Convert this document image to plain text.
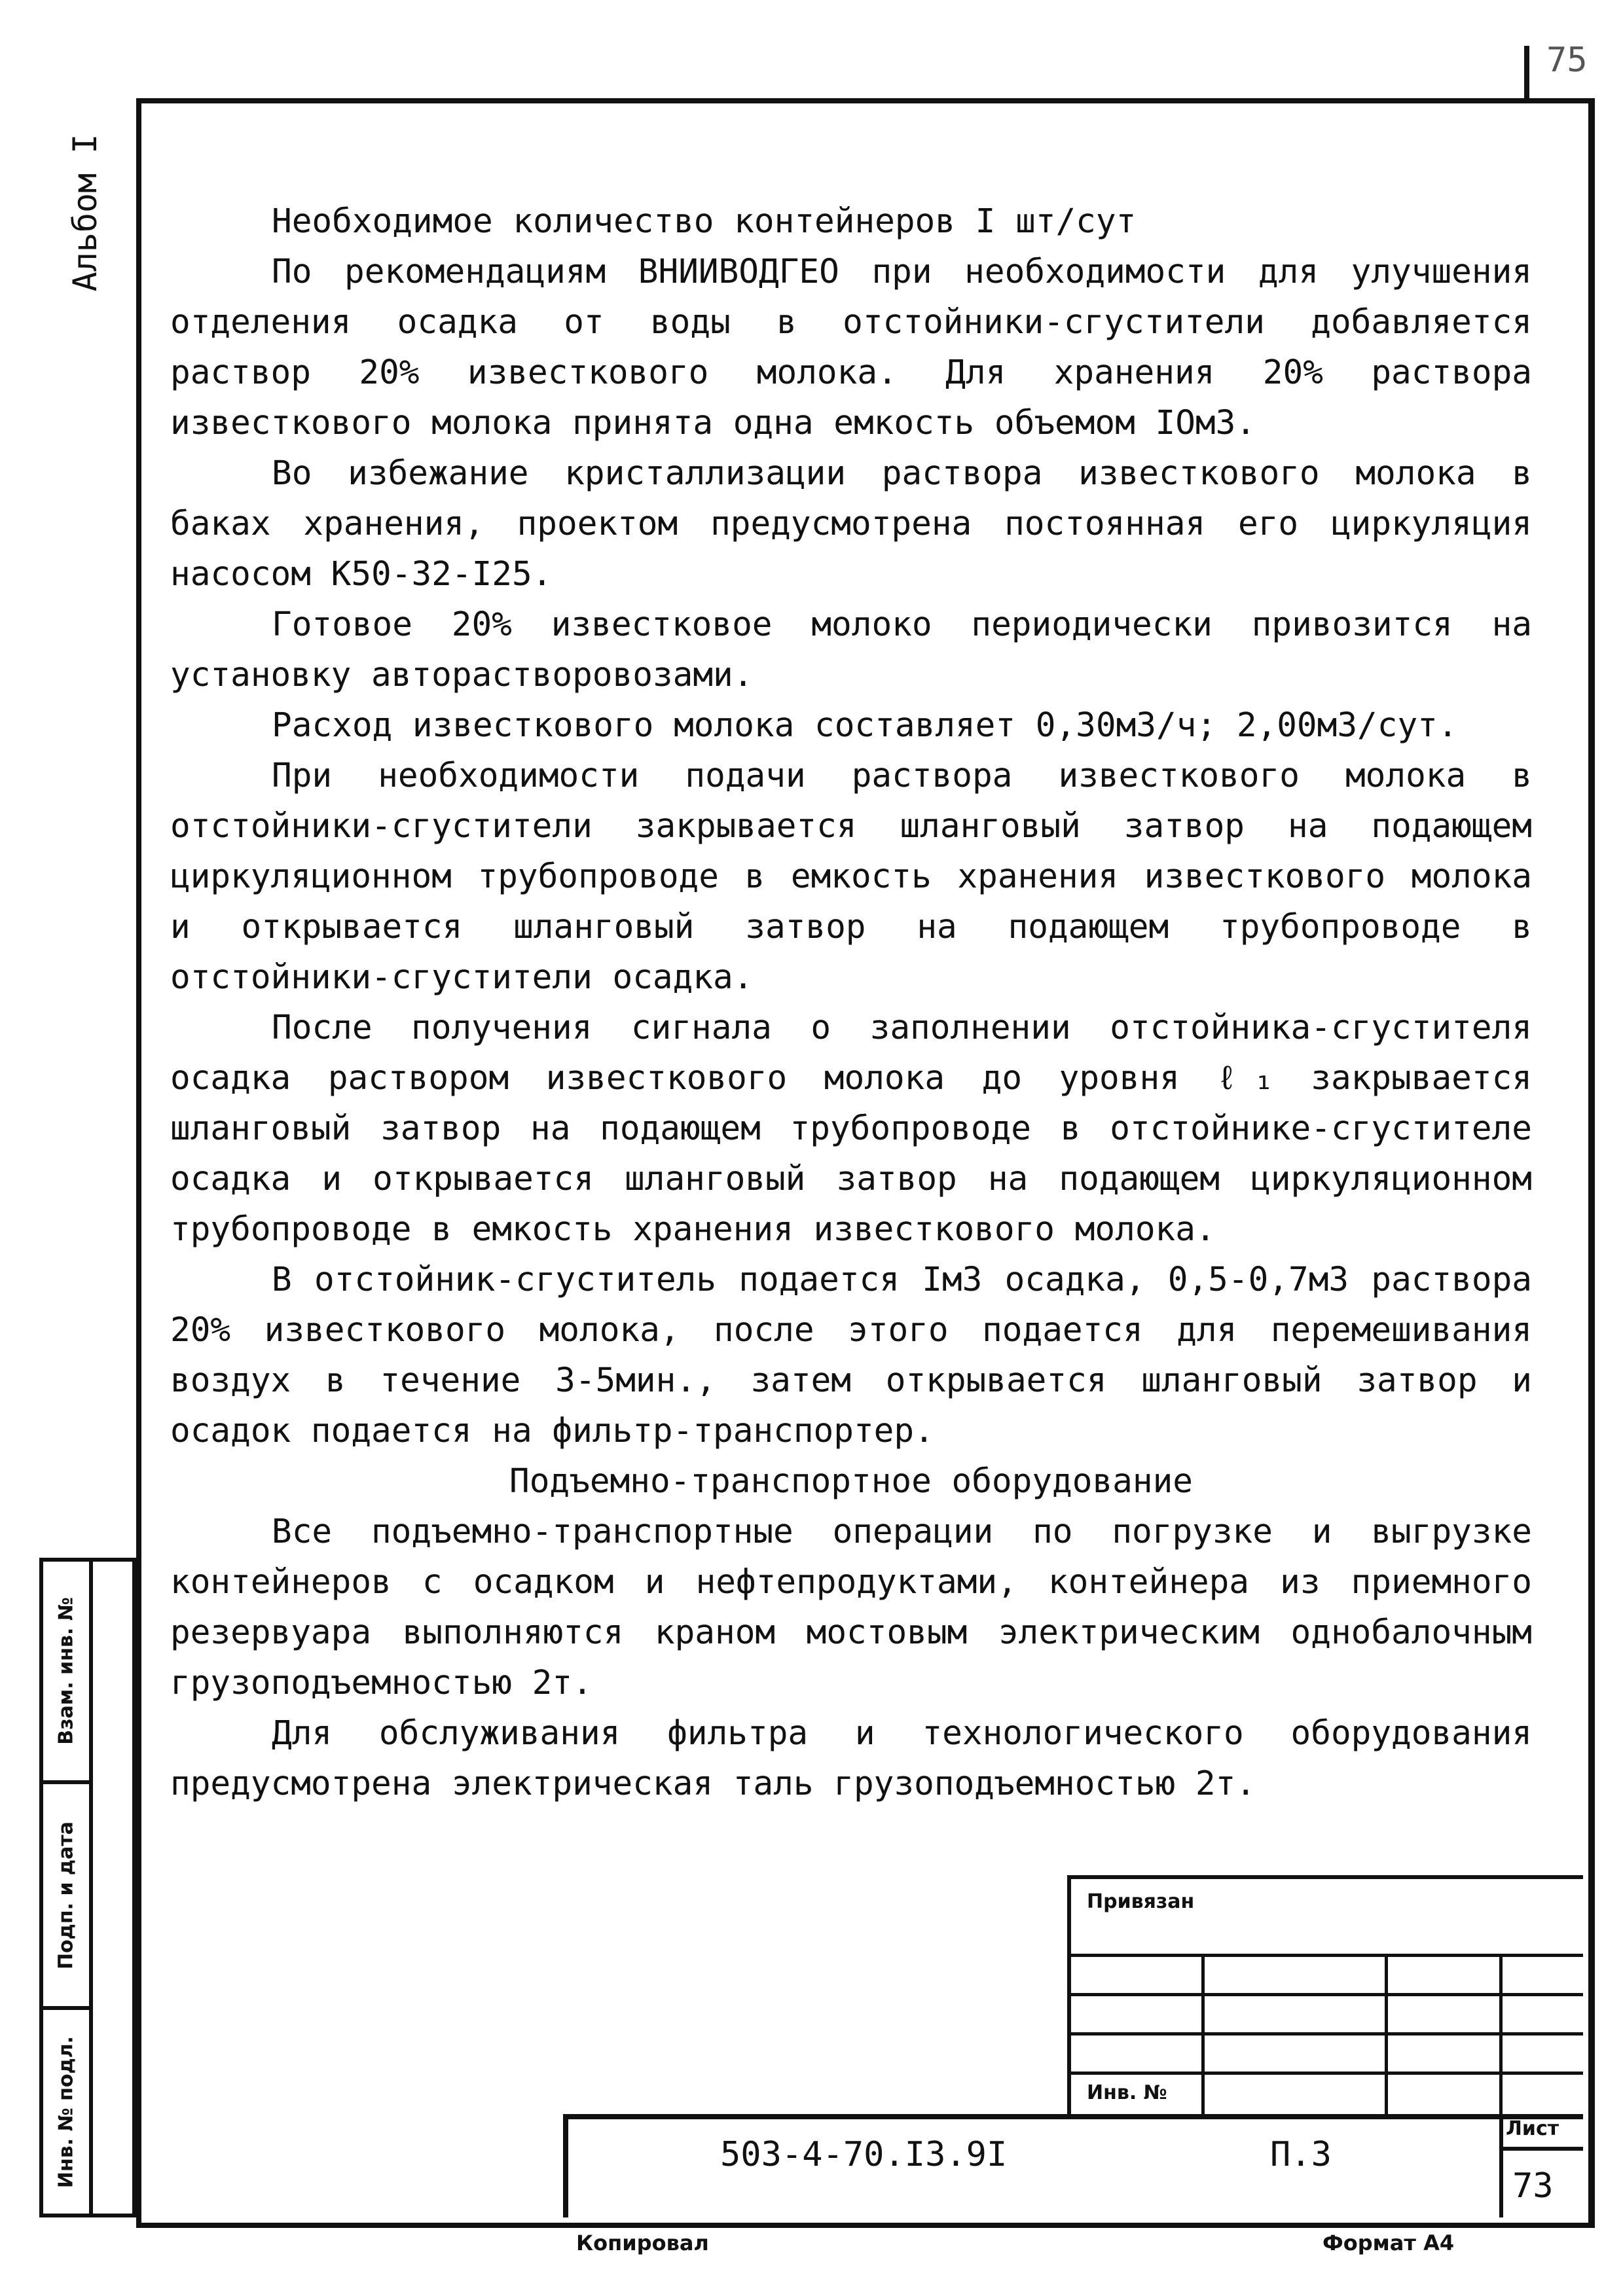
75
Альбом I
Взам. инв. №
Подп. и дата
Инв. № подл.

Необходимое количество контейнеров I шт/сут

По рекомендациям ВНИИВОДГЕО при необходимости для улучшения отделения осадка от воды в отстойники-сгустители добавляется раствор 20% известкового молока. Для хранения 20% раствора известкового молока принята одна емкость объемом IОм3.

Во избежание кристаллизации раствора известкового молока в баках хранения, проектом предусмотрена постоянная его циркуляция насосом К50-32-I25.

Готовое 20% известковое молоко периодически привозится на установку авторастворовозами.

Расход известкового молока составляет 0,30м3/ч; 2,00м3/сут.

При необходимости подачи раствора известкового молока в отстойники-сгустители закрывается шланговый затвор на подающем циркуляционном трубопроводе в емкость хранения известкового молока и открывается шланговый затвор на подающем трубопроводе в отстойники-сгустители осадка.

После получения сигнала о заполнении отстойника-сгустителя осадка раствором известкового молока до уровня ℓ₁ закрывается шланговый затвор на подающем трубопроводе в отстойнике-сгустителе осадка и открывается шланговый затвор на подающем циркуляционном трубопроводе в емкость хранения известкового молока.

В отстойник-сгуститель подается Iм3 осадка, 0,5-0,7м3 раствора 20% известкового молока, после этого подается для перемешивания воздух в течение 3-5мин., затем открывается шланговый затвор и осадок подается на фильтр-транспортер.

Подъемно-транспортное оборудование

Все подъемно-транспортные операции по погрузке и выгрузке контейнеров с осадком и нефтепродуктами, контейнера из приемного резервуара выполняются краном мостовым электрическим однобалочным грузоподъемностью 2т.

Для обслуживания фильтра и технологического оборудования предусмотрена электрическая таль грузоподъемностью 2т.

Привязан
Инв. №
503-4-70.I3.9I	П.3
Лист
73
Копировал	Формат А4
